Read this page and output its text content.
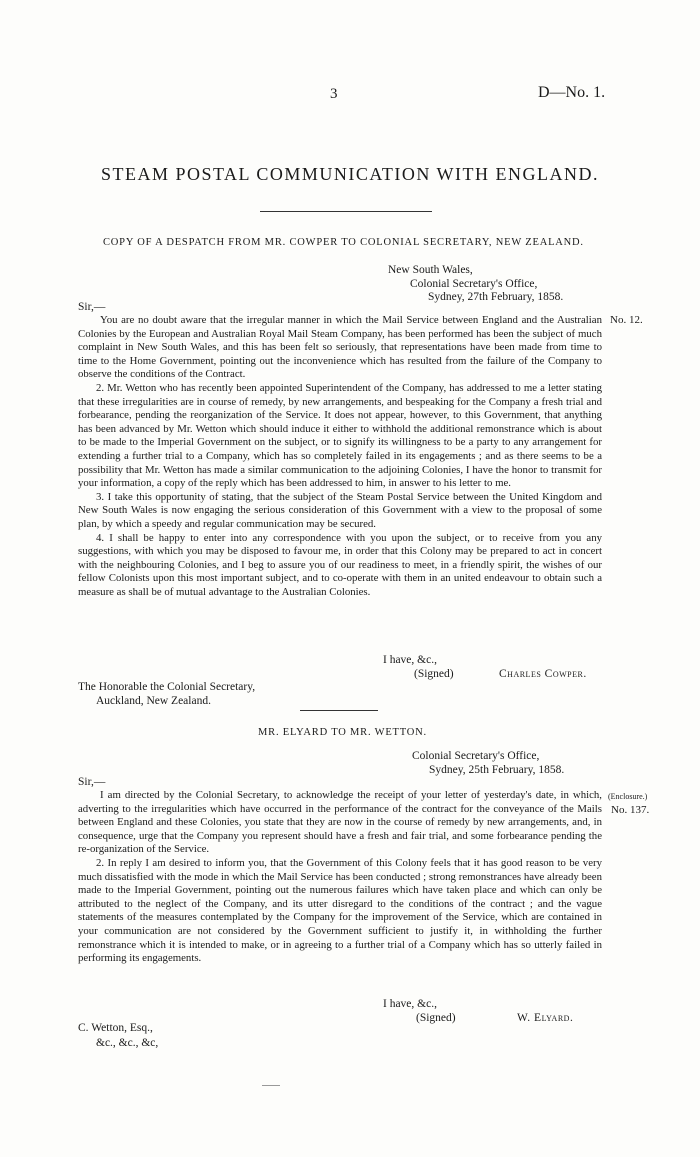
3	D—No. 1.
STEAM POSTAL COMMUNICATION WITH ENGLAND.
COPY OF A DESPATCH FROM MR. COWPER TO COLONIAL SECRETARY, NEW ZEALAND.
New South Wales,
Colonial Secretary's Office,
Sydney, 27th February, 1858.
Sir,—
No. 12.

You are no doubt aware that the irregular manner in which the Mail Service between England and the Australian Colonies by the European and Australian Royal Mail Steam Company, has been performed has been the subject of much complaint in New South Wales, and this has been felt so seriously, that representations have been made from time to time to the Home Government, pointing out the inconvenience which has resulted from the failure of the Company to observe the conditions of the Contract.

2. Mr. Wetton who has recently been appointed Superintendent of the Company, has addressed to me a letter stating that these irregularities are in course of remedy, by new arrangements, and bespeaking for the Company a fresh trial and forbearance, pending the reorganization of the Service. It does not appear, however, to this Government, that anything has been advanced by Mr. Wetton which should induce it either to withhold the additional remonstrance which is about to be made to the Imperial Government on the subject, or to signify its willingness to be a party to any arrangement for extending a further trial to a Company, which has so completely failed in its engagements ; and as there seems to be a possibility that Mr. Wetton has made a similar communication to the adjoining Colonies, I have the honor to transmit for your information, a copy of the reply which has been addressed to him, in answer to his letter to me.

3. I take this opportunity of stating, that the subject of the Steam Postal Service between the United Kingdom and New South Wales is now engaging the serious consideration of this Government with a view to the proposal of some plan, by which a speedy and regular communication may be secured.

4. I shall be happy to enter into any correspondence with you upon the subject, or to receive from you any suggestions, with which you may be disposed to favour me, in order that this Colony may be prepared to act in concert with the neighbouring Colonies, and I beg to assure you of our readiness to meet, in a friendly spirit, the wishes of our fellow Colonists upon this most important subject, and to co-operate with them in an united endeavour to obtain such a measure as shall be of mutual advantage to the Australian Colonies.

I have, &c.,
(Signed)	Charles Cowper.
The Honorable the Colonial Secretary,
Auckland, New Zealand.
MR. ELYARD TO MR. WETTON.
Colonial Secretary's Office,
Sydney, 25th February, 1858.
Sir,—
(Enclosure.)
No. 137.

I am directed by the Colonial Secretary, to acknowledge the receipt of your letter of yesterday's date, in which, adverting to the irregularities which have occurred in the performance of the contract for the conveyance of the Mails between England and these Colonies, you state that they are now in the course of remedy by new arrangements, and, in consequence, urge that the Company you represent should have a fresh and fair trial, and some forbearance pending the re-organization of the Service.

2. In reply I am desired to inform you, that the Government of this Colony feels that it has good reason to be very much dissatisfied with the mode in which the Mail Service has been conducted ; strong remonstrances have already been made to the Imperial Government, pointing out the numerous failures which have taken place and which can only be attributed to the neglect of the Company, and its utter disregard to the conditions of the contract ; and the vague statements of the measures contemplated by the Company for the improvement of the Service, which are contained in your communication are not considered by the Government sufficient to justify it, in withholding the further remonstrance which it is intended to make, or in agreeing to a further trial of a Company which has so utterly failed in performing its engagements.

I have, &c.,
(Signed)	W. Elyard.
C. Wetton, Esq.,
&c., &c., &c,
